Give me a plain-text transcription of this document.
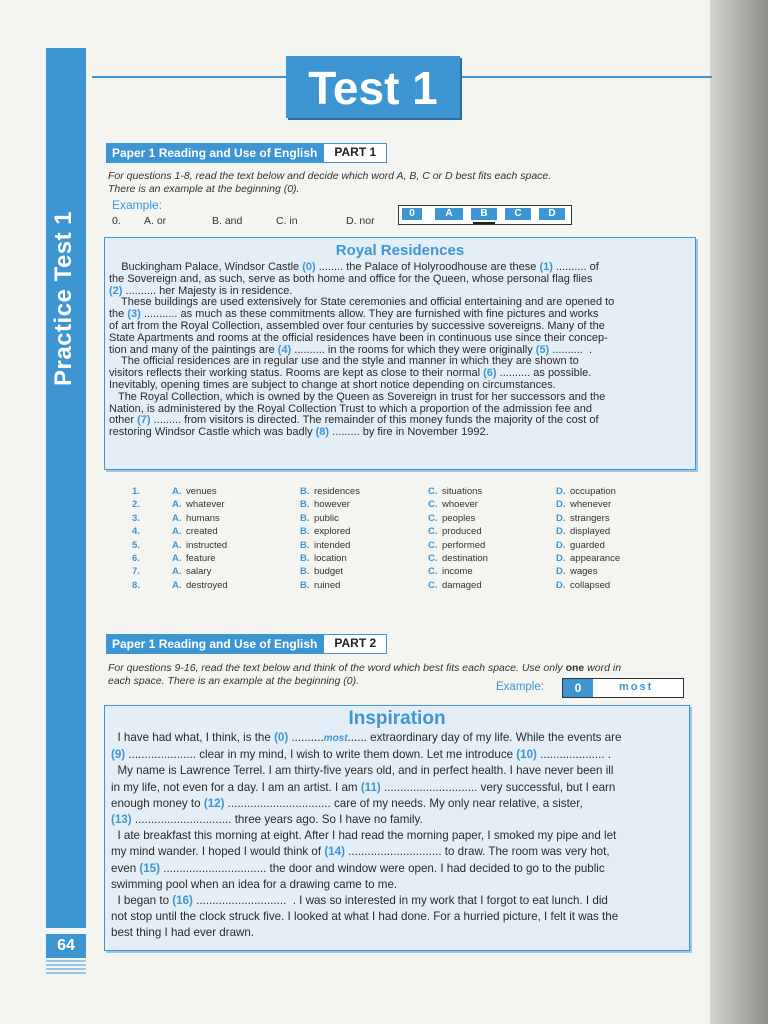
Practice Test 1
64
Test 1
Paper 1 Reading and Use of English	PART 1
For questions 1-8, read the text below and decide which word A, B, C or D best fits each space.
There is an example at the beginning (0).
Example:
0. A. or	B. and	C. in	D. nor
0	A	B	C	D
Royal Residences

Buckingham Palace, Windsor Castle (0) ........ the Palace of Holyroodhouse are these (1) .......... of

the Sovereign and, as such, serve as both home and office for the Queen, whose personal flag flies

(2) .......... her Majesty is in residence.

These buildings are used extensively for State ceremonies and official entertaining and are opened to

the (3) ........... as much as these commitments allow. They are furnished with fine pictures and works

of art from the Royal Collection, assembled over four centuries by successive sovereigns. Many of the

State Apartments and rooms at the official residences have been in continuous use since their concep-

tion and many of the paintings are (4) .......... in the rooms for which they were originally (5) ..........  .

The official residences are in regular use and the style and manner in which they are shown to

visitors reflects their working status. Rooms are kept as close to their normal (6) .......... as possible.

Inevitably, opening times are subject to change at short notice depending on circumstances.

The Royal Collection, which is owned by the Queen as Sovereign in trust for her successors and the

Nation, is administered by the Royal Collection Trust to which a proportion of the admission fee and

other (7) ......... from visitors is directed. The remainder of this money funds the majority of the cost of

restoring Windsor Castle which was badly (8) ......... by fire in November 1992.

1.	A. venues	B. residences	C. situations	D. occupation
2.	A. whatever	B. however	C. whoever	D. whenever
3.	A. humans	B. public	C. peoples	D. strangers
4.	A. created	B. explored	C. produced	D. displayed
5.	A. instructed	B. intended	C. performed	D. guarded
6.	A. feature	B. location	C. destination	D. appearance
7.	A. salary	B. budget	C. income	D. wages
8.	A. destroyed	B. ruined	C. damaged	D. collapsed
Paper 1 Reading and Use of English	PART 2
For questions 9-16, read the text below and think of the word which best fits each space. Use only one word in
each space. There is an example at the beginning (0).	Example:	0	most
Inspiration

I have had what, I think, is the (0) ..........most...... extraordinary day of my life. While the events are

(9) ..................... clear in my mind, I wish to write them down. Let me introduce (10) .................... .

My name is Lawrence Terrel. I am thirty-five years old, and in perfect health. I have never been ill

in my life, not even for a day. I am an artist. I am (11) ............................. very successful, but I earn

enough money to (12) ................................ care of my needs. My only near relative, a sister,

(13) .............................. three years ago. So I have no family.

I ate breakfast this morning at eight. After I had read the morning paper, I smoked my pipe and let

my mind wander. I hoped I would think of (14) ............................. to draw. The room was very hot,

even (15) ................................ the door and window were open. I had decided to go to the public

swimming pool when an idea for a drawing came to me.

I began to (16) ............................  . I was so interested in my work that I forgot to eat lunch. I did

not stop until the clock struck five. I looked at what I had done. For a hurried picture, I felt it was the

best thing I had ever drawn.
